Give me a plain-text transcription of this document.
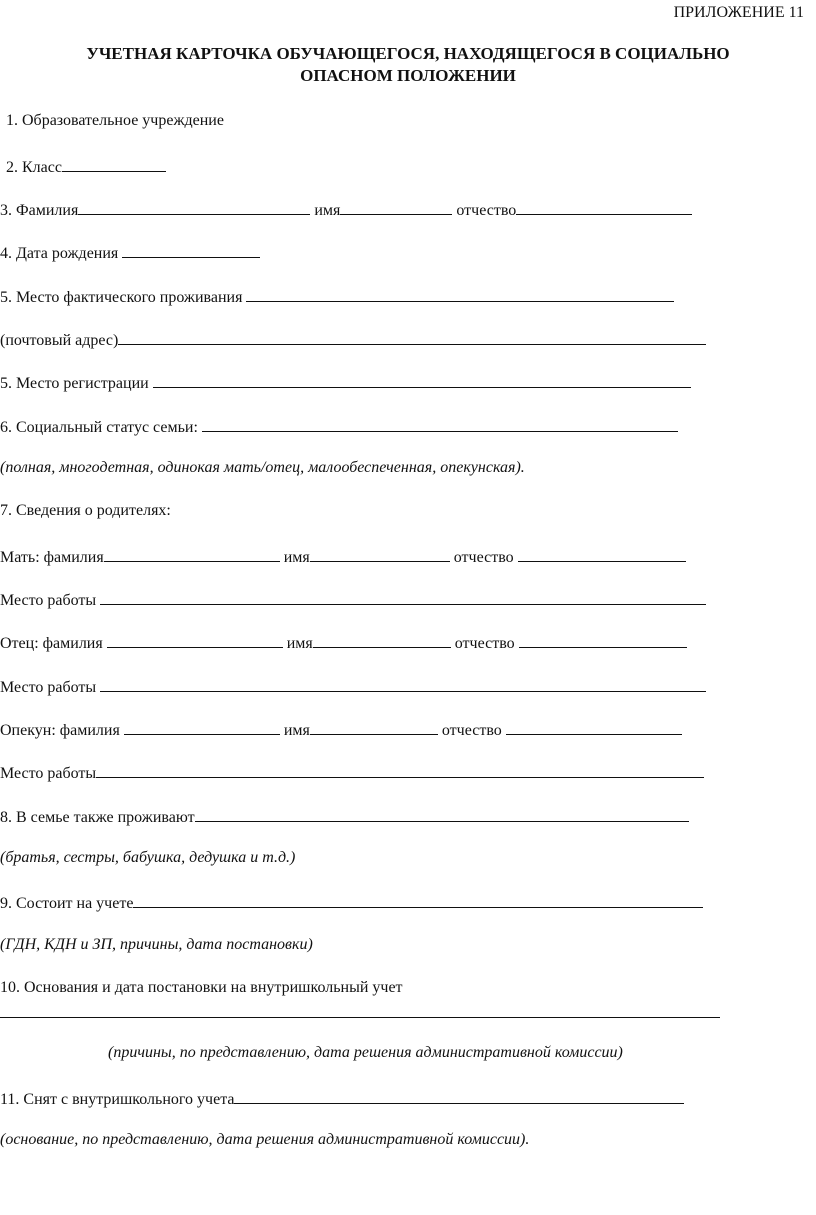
ПРИЛОЖЕНИЕ 11
УЧЕТНАЯ КАРТОЧКА ОБУЧАЮЩЕГОСЯ, НАХОДЯЩЕГОСЯ В СОЦИАЛЬНО
ОПАСНОМ ПОЛОЖЕНИИ
1. Образовательное учреждение
2. Класс
3. Фамилия	имя	отчество
4. Дата рождения
5. Место фактического проживания
(почтовый адрес)
5. Место регистрации
6. Социальный статус семьи:
(полная, многодетная, одинокая мать/отец, малообеспеченная, опекунская).
7. Сведения о родителях:
Мать: фамилия	имя	отчество
Место работы
Отец: фамилия	имя	отчество
Место работы
Опекун: фамилия	имя	отчество
Место работы
8. В семье также проживают
(братья, сестры, бабушка, дедушка и т.д.)
9. Состоит на учете
(ГДН, КДН и ЗП, причины, дата постановки)
10. Основания и дата постановки на внутришкольный учет
(причины, по представлению, дата решения административной комиссии)
11. Снят с внутришкольного учета
(основание, по представлению, дата решения административной комиссии).
